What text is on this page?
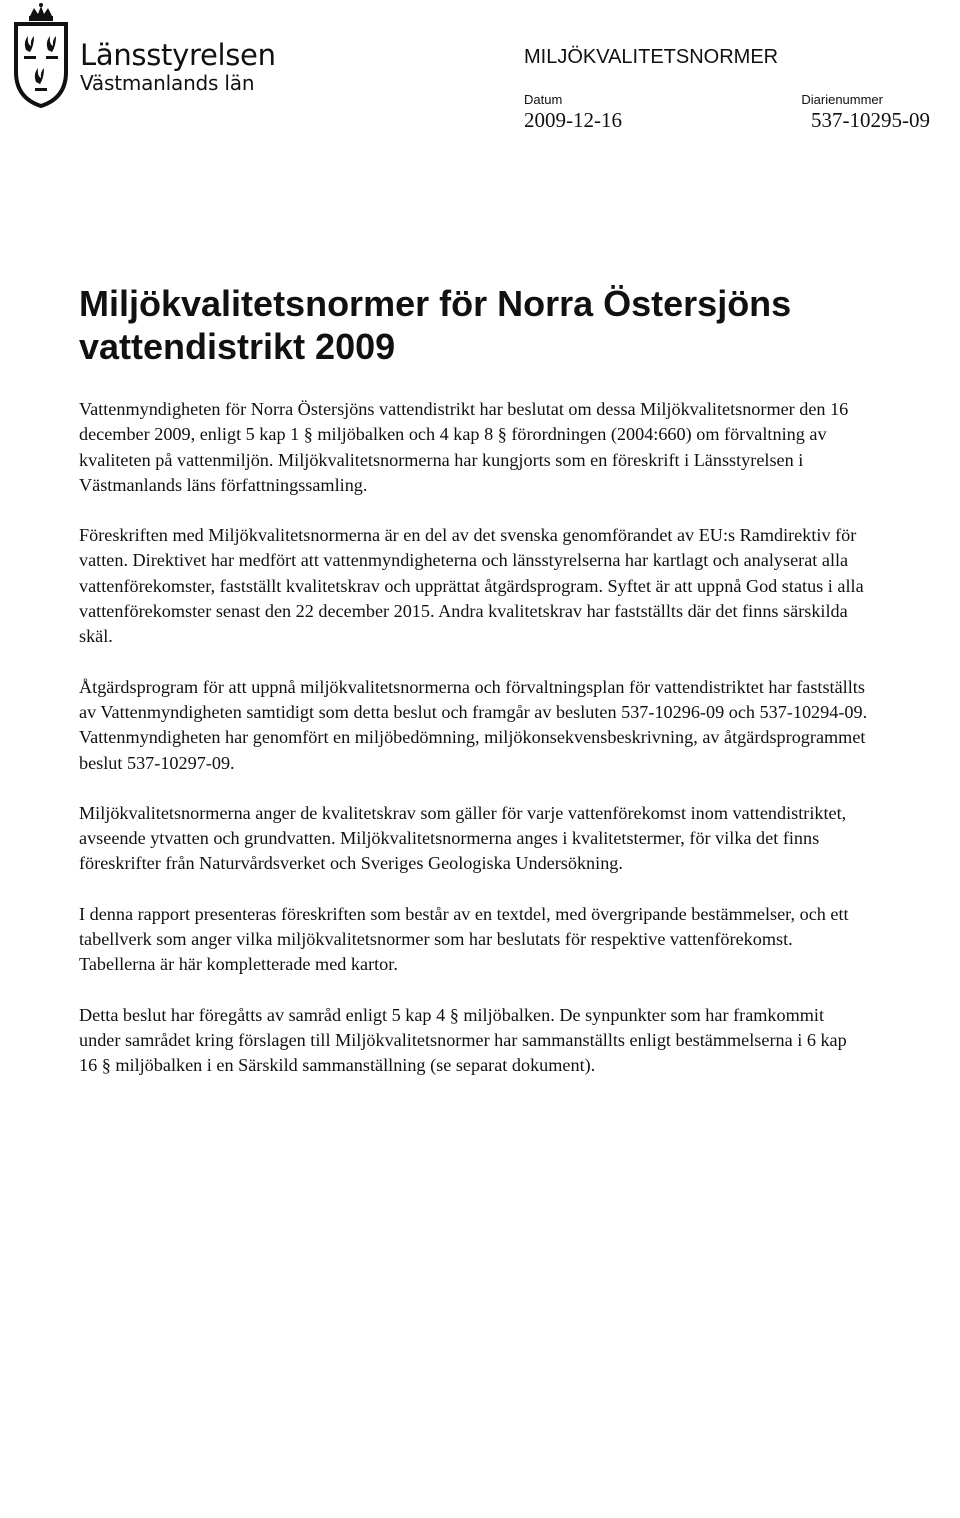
Länsstyrelsen
Västmanlands län
MILJÖKVALITETSNORMER
Datum
2009-12-16
Diarienummer
537-10295-09
Miljökvalitetsnormer för Norra Östersjöns vattendistrikt 2009

Vattenmyndigheten för Norra Östersjöns vattendistrikt har beslutat om dessa Miljökvalitetsnormer den 16 december 2009, enligt 5 kap 1 § miljöbalken och 4 kap 8 § förordningen (2004:660) om förvaltning av kvaliteten på vattenmiljön. Miljökvalitetsnormerna har kungjorts som en föreskrift i Länsstyrelsen i Västmanlands läns författningssamling.

Föreskriften med Miljökvalitetsnormerna är en del av det svenska genomförandet av EU:s Ramdirektiv för vatten. Direktivet har medfört att vattenmyndigheterna och länsstyrelserna har kartlagt och analyserat alla vattenförekomster, fastställt kvalitetskrav och upprättat åtgärdsprogram. Syftet är att uppnå God status i alla vattenförekomster senast den 22 december 2015. Andra kvalitetskrav har fastställts där det finns särskilda skäl.

Åtgärdsprogram för att uppnå miljökvalitetsnormerna och förvaltningsplan för vattendistriktet har fastställts av Vattenmyndigheten samtidigt som detta beslut och framgår av besluten 537-10296-09 och 537-10294-09. Vattenmyndigheten har genomfört en miljöbedömning, miljökonsekvensbeskrivning, av åtgärdsprogrammet beslut 537-10297-09.

Miljökvalitetsnormerna anger de kvalitetskrav som gäller för varje vattenförekomst inom vattendistriktet, avseende ytvatten och grundvatten. Miljökvalitetsnormerna anges i kvalitetstermer, för vilka det finns föreskrifter från Naturvårdsverket och Sveriges Geologiska Undersökning.

I denna rapport presenteras föreskriften som består av en textdel, med övergripande bestämmelser, och ett tabellverk som anger vilka miljökvalitetsnormer som har beslutats för respektive vattenförekomst. Tabellerna är här kompletterade med kartor.

Detta beslut har föregåtts av samråd enligt 5 kap 4 § miljöbalken. De synpunkter som har framkommit under samrådet kring förslagen till Miljökvalitetsnormer har sammanställts enligt bestämmelserna i 6 kap 16 § miljöbalken i en Särskild sammanställning (se separat dokument).
